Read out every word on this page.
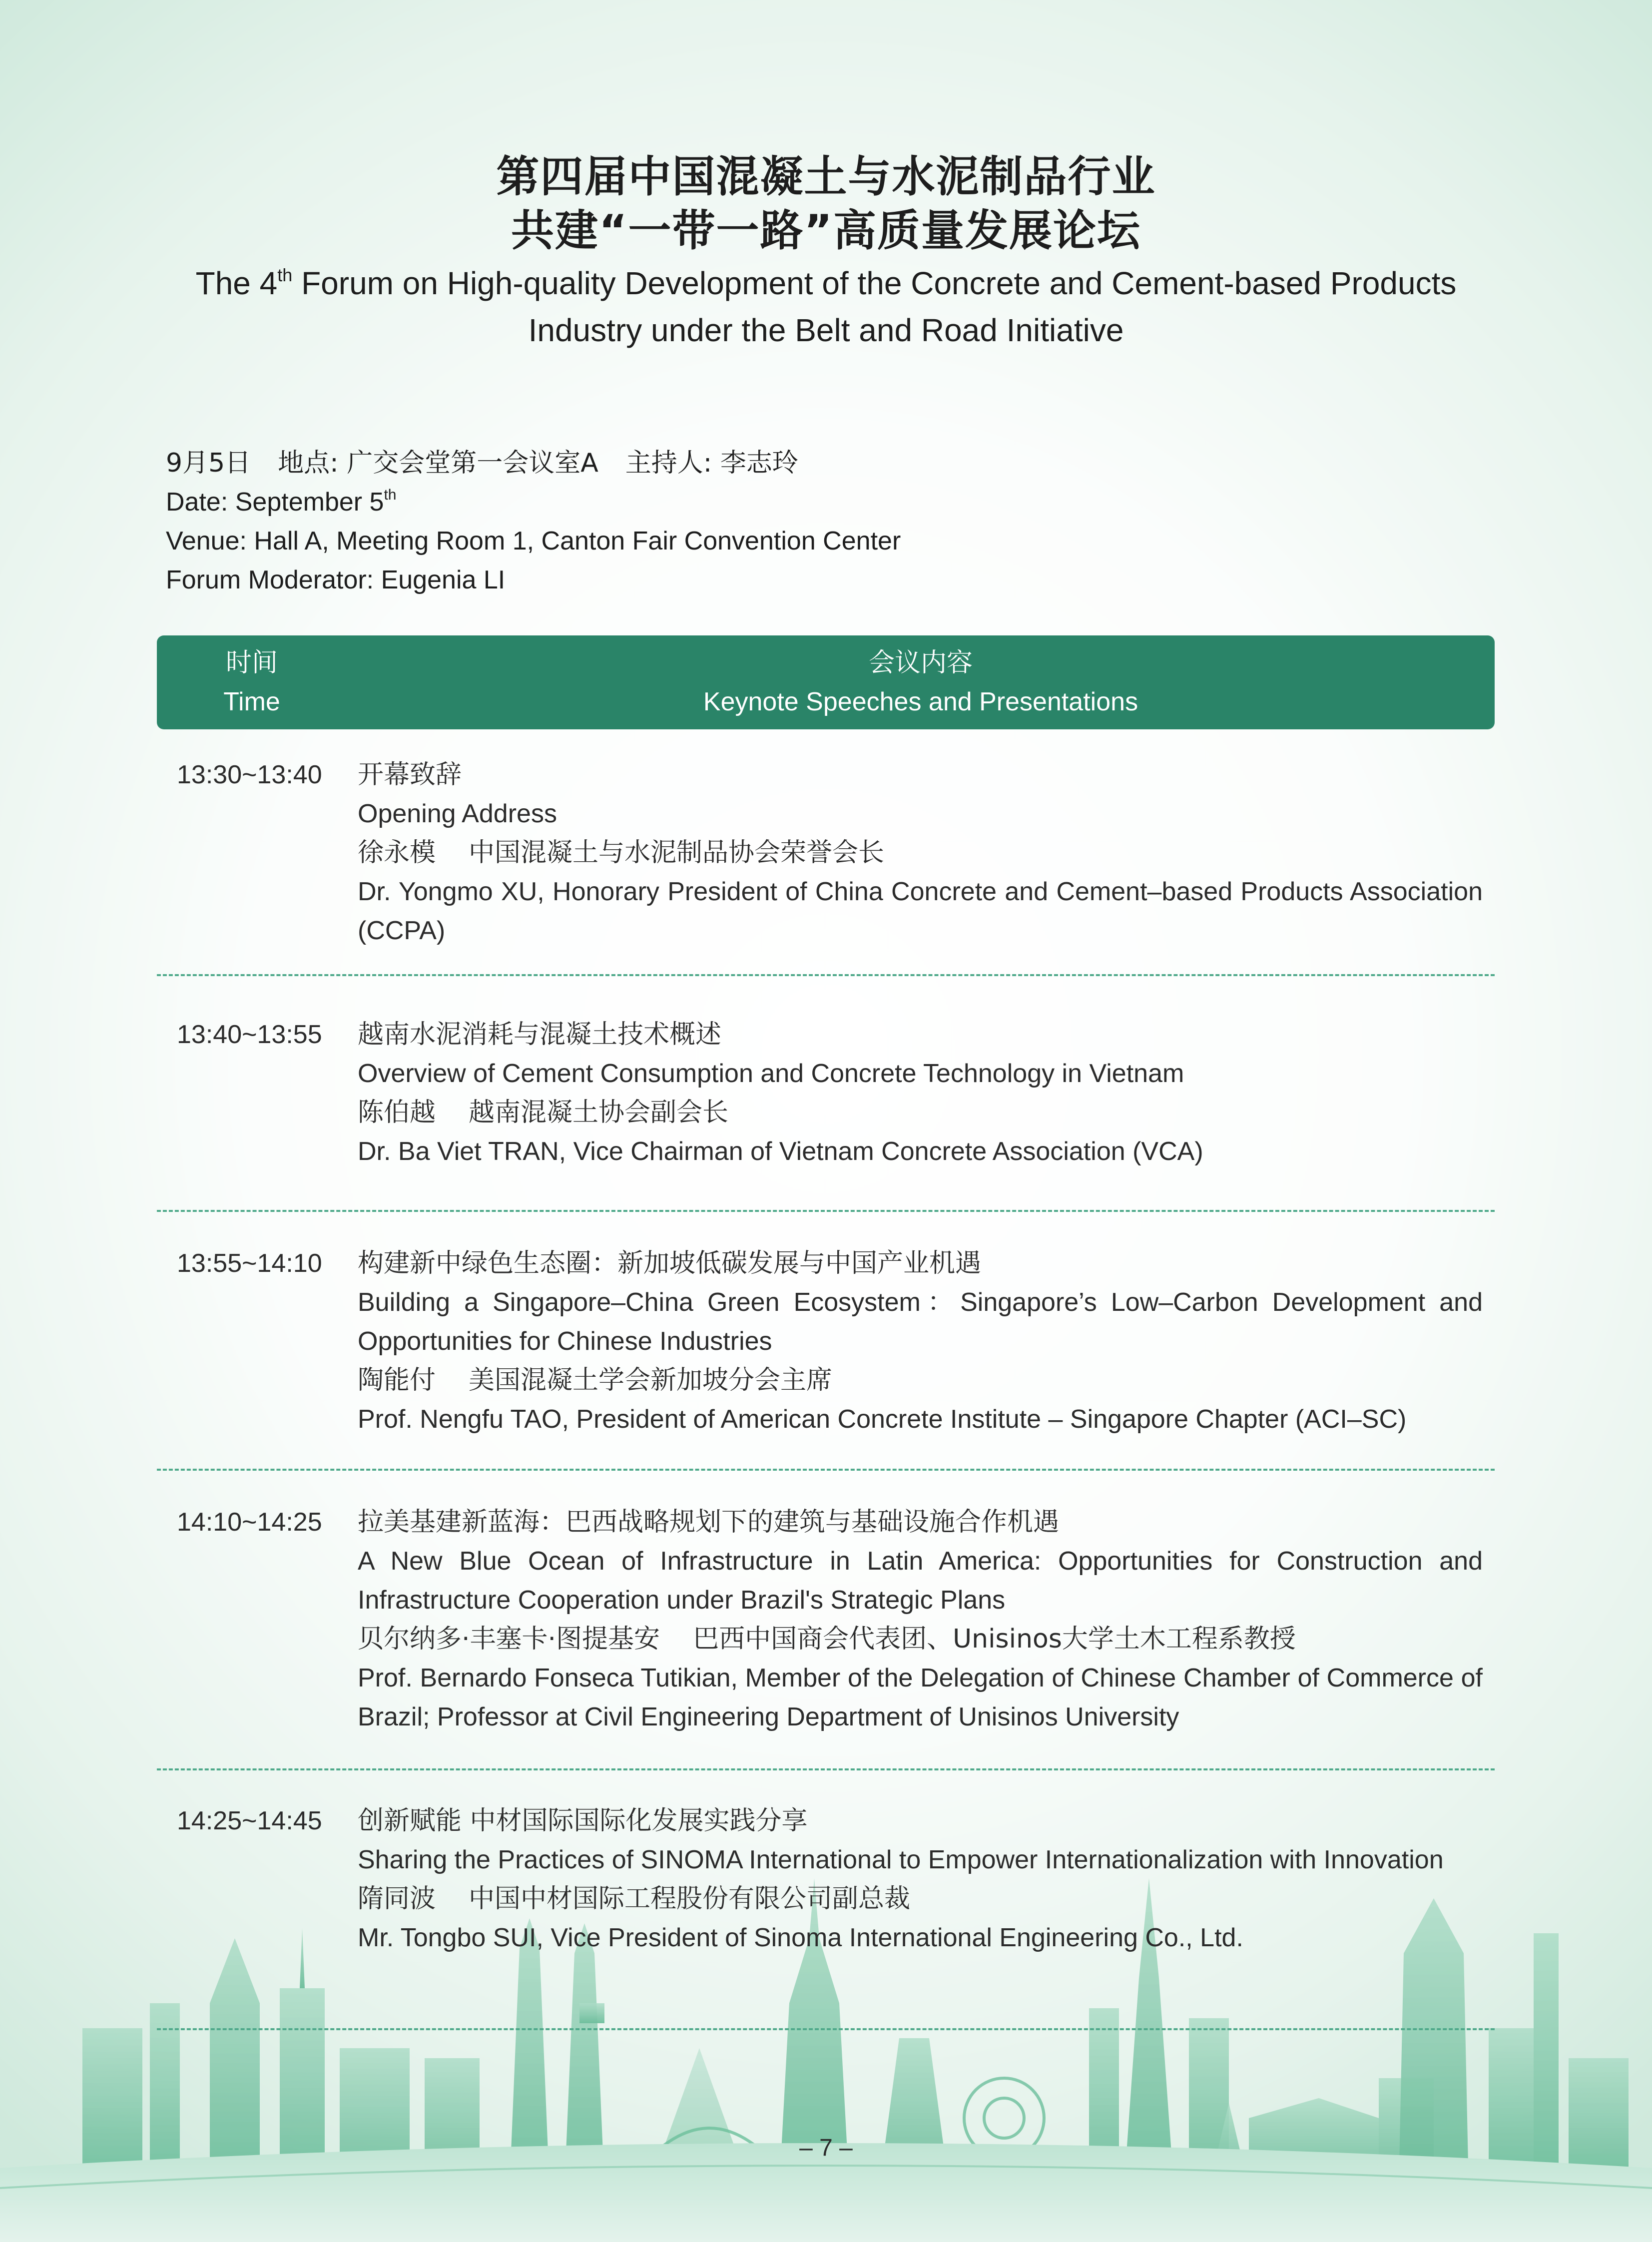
第四届中国混凝土与水泥制品行业
共建“一带一路”高质量发展论坛
The 4th Forum on High-quality Development of the Concrete and Cement-based Products
Industry under the Belt and Road Initiative
9月5日 地点: 广交会堂第一会议室A 主持人: 李志玲
Date: September 5th
Venue: Hall A, Meeting Room 1, Canton Fair Convention Center
Forum Moderator: Eugenia LI
时间
Time
会议内容
Keynote Speeches and Presentations
13:30~13:40 开幕致辞
Opening Address
徐永模 中国混凝土与水泥制品协会荣誉会长
Dr. Yongmo XU, Honorary President of China Concrete and Cement–based Products Association (CCPA)
13:40~13:55 越南水泥消耗与混凝土技术概述
Overview of Cement Consumption and Concrete Technology in Vietnam
陈伯越 越南混凝土协会副会长
Dr. Ba Viet TRAN, Vice Chairman of Vietnam Concrete Association (VCA)
13:55~14:10 构建新中绿色生态圈：新加坡低碳发展与中国产业机遇
Building a Singapore–China Green Ecosystem：Singapore’s Low–Carbon Development and Opportunities for Chinese Industries
陶能付 美国混凝土学会新加坡分会主席
Prof. Nengfu TAO, President of American Concrete Institute – Singapore Chapter (ACI–SC)
14:10~14:25 拉美基建新蓝海：巴西战略规划下的建筑与基础设施合作机遇
A New Blue Ocean of Infrastructure in Latin America: Opportunities for Construction and Infrastructure Cooperation under Brazil's Strategic Plans
贝尔纳多·丰塞卡·图提基安 巴西中国商会代表团、Unisinos大学土木工程系教授
Prof. Bernardo Fonseca Tutikian, Member of the Delegation of Chinese Chamber of Commerce of Brazil; Professor at Civil Engineering Department of Unisinos University
– 7 –
14:25~14:45 创新赋能 中材国际国际化发展实践分享
Sharing the Practices of SINOMA International to Empower Internationalization with Innovation
隋同波 中国中材国际工程股份有限公司副总裁
Mr. Tongbo SUI, Vice President of Sinoma International Engineering Co., Ltd.
